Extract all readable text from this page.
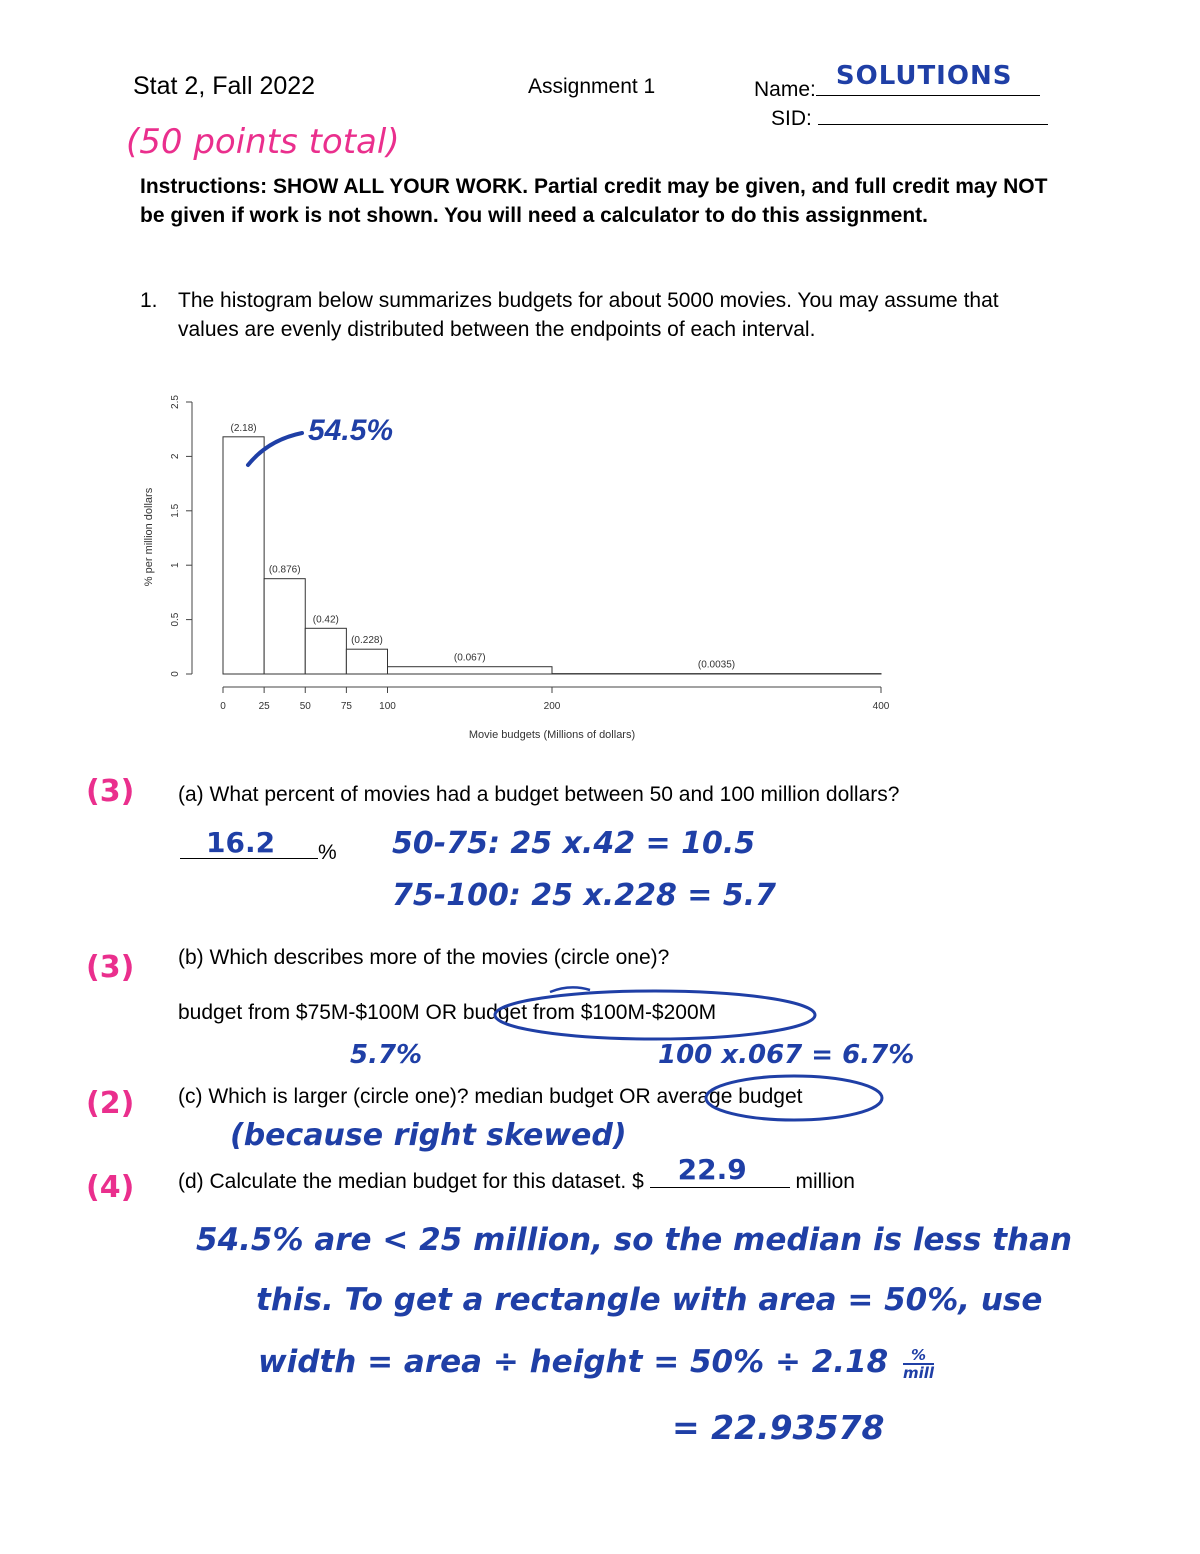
Stat 2, Fall 2022	Assignment 1	Name: SOLUTIONS
SID:
(50 points total)
Instructions: SHOW ALL YOUR WORK. Partial credit may be given, and full credit may NOT be given if work is not shown. You will need a calculator to do this assignment.
1. The histogram below summarizes budgets for about 5000 movies. You may assume that values are evenly distributed between the endpoints of each interval.
0
0.5
1
1.5
2
2.5
0	25	50	75	100	200	400
(2.18)
(0.876)
(0.42)
(0.228)
(0.067)
(0.0035)
Movie budgets (Millions of dollars)
% per million dollars
54.5%
(3) (a) What percent of movies had a budget between 50 and 100 million dollars?
16.2 % 50-75: 25 x.42 = 10.5
75-100: 25 x.228 = 5.7
(3) (b) Which describes more of the movies (circle one)?
budget from $75M-$100M OR budget from $100M-$200M
5.7%	100 x.067 = 6.7%
(2) (c) Which is larger (circle one)? median budget OR average budget
(because right skewed)
(4) (d) Calculate the median budget for this dataset. $ 22.9 million
54.5% are < 25 million, so the median is less than
this. To get a rectangle with area = 50%, use
width = area ÷ height = 50% ÷ 2.18	%
mill
= 22.93578
